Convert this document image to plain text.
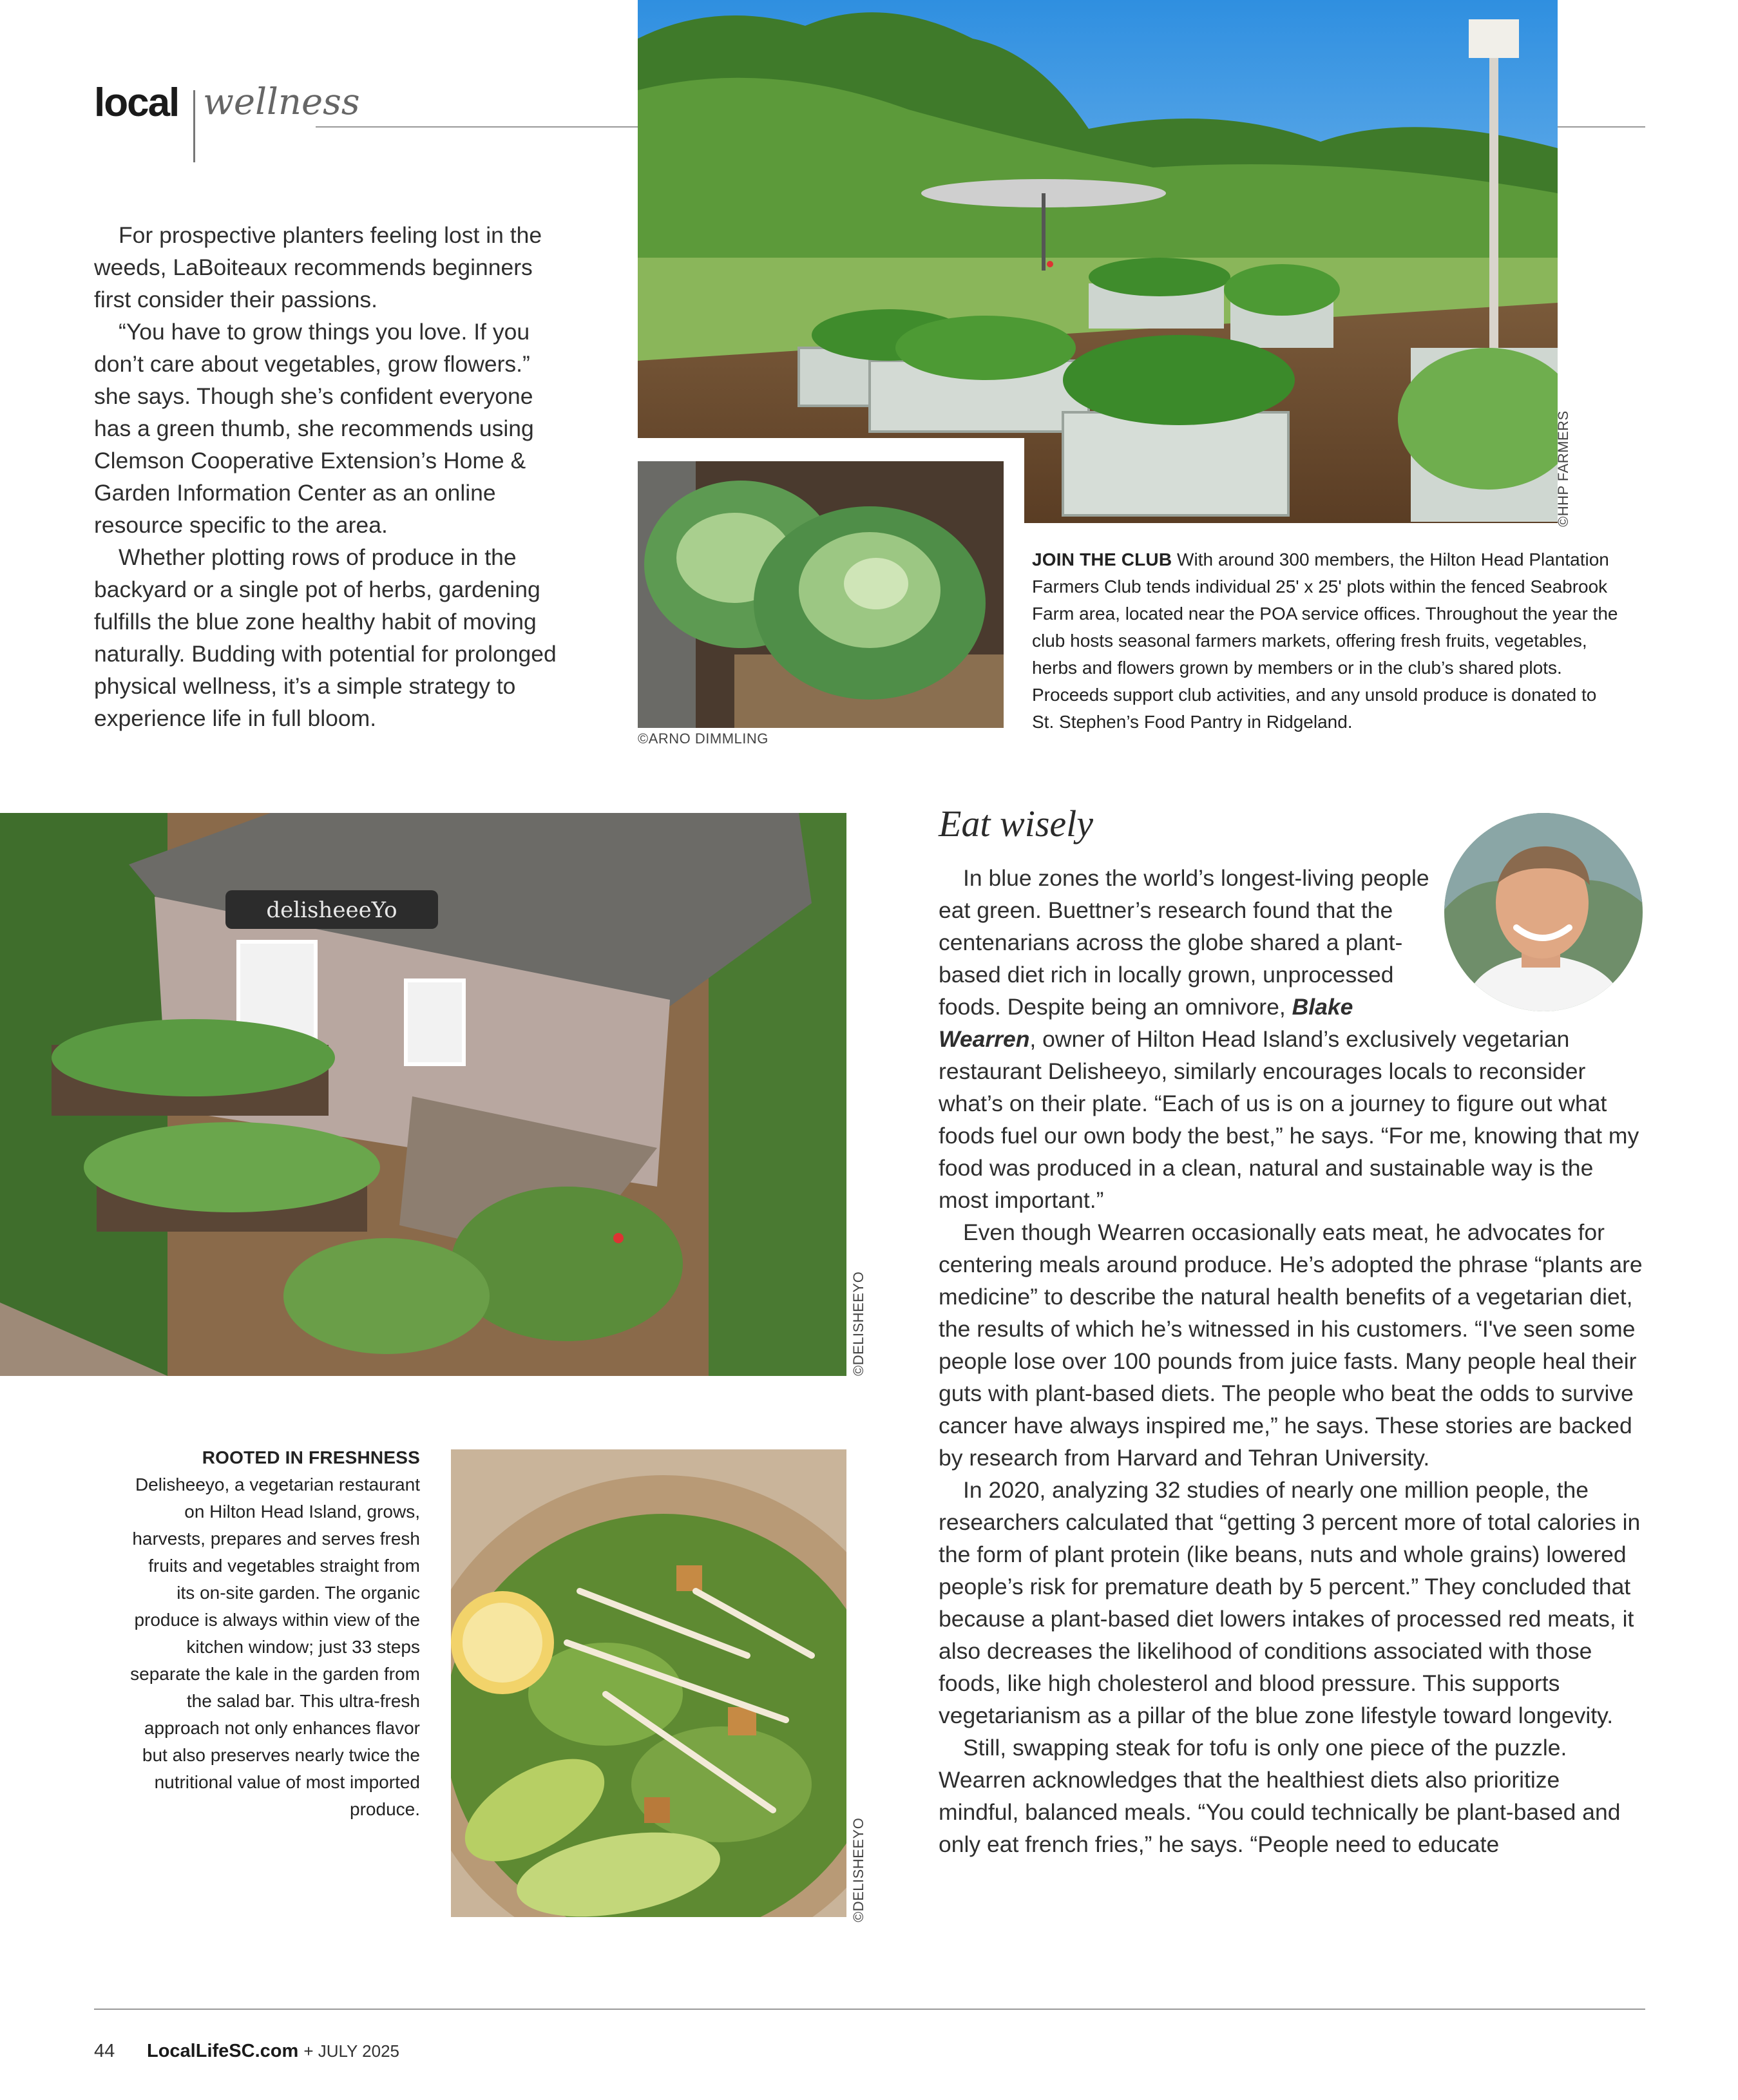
local wellness

For prospective planters feeling lost in the weeds, LaBoiteaux recommends beginners first consider their passions.

“You have to grow things you love. If you don’t care about vegetables, grow flowers.” she says. Though she’s confident everyone has a green thumb, she recommends using Clemson Cooperative Extension’s Home & Garden Information Center as an online resource specific to the area.

Whether plotting rows of produce in the backyard or a single pot of herbs, gardening fulfills the blue zone healthy habit of moving naturally. Budding with potential for prolonged physical wellness, it’s a simple strategy to experience life in full bloom.

©HHP FARMERS
©ARNO DIMMLING
JOIN THE CLUB With around 300 members, the Hilton Head Plantation Farmers Club tends individual 25' x 25' plots within the fenced Seabrook Farm area, located near the POA service offices. Throughout the year the club hosts seasonal farmers markets, offering fresh fruits, vegetables, herbs and flowers grown by members or in the club’s shared plots. Proceeds support club activities, and any unsold produce is donated to St. Stephen’s Food Pantry in Ridgeland.
delisheeeYo
©DELISHEEYO
ROOTED IN FRESHNESS
Delisheeyo, a vegetarian restaurant on Hilton Head Island, grows, harvests, prepares and serves fresh fruits and vegetables straight from its on-site garden. The organic produce is always within view of the kitchen window; just 33 steps separate the kale in the garden from the salad bar. This ultra-fresh approach not only enhances flavor but also preserves nearly twice the nutritional value of most imported produce.
©DELISHEEYO
Eat wisely

In blue zones the world’s longest-living people eat green. Buettner’s research found that the centenarians across the globe shared a plant-based diet rich in locally grown, unprocessed foods. Despite being an omnivore, Blake Wearren, owner of Hilton Head Island’s exclusively vegetarian restaurant Delisheeyo, similarly encourages locals to reconsider what’s on their plate. “Each of us is on a journey to figure out what foods fuel our own body the best,” he says. “For me, knowing that my food was produced in a clean, natural and sustainable way is the most important.”

Even though Wearren occasionally eats meat, he advocates for centering meals around produce. He’s adopted the phrase “plants are medicine” to describe the natural health benefits of a vegetarian diet, the results of which he’s witnessed in his customers. “I've seen some people lose over 100 pounds from juice fasts. Many people heal their guts with plant-based diets. The people who beat the odds to survive cancer have always inspired me,” he says. These stories are backed by research from Harvard and Tehran University.

In 2020, analyzing 32 studies of nearly one million people, the researchers calculated that “getting 3 percent more of total calories in the form of plant protein (like beans, nuts and whole grains) lowered people’s risk for premature death by 5 percent.” They concluded that because a plant-based diet lowers intakes of processed red meats, it also decreases the likelihood of conditions associated with those foods, like high cholesterol and blood pressure. This supports vegetarianism as a pillar of the blue zone lifestyle toward longevity.

Still, swapping steak for tofu is only one piece of the puzzle. Wearren acknowledges that the healthiest diets also prioritize mindful, balanced meals. “You could technically be plant-based and only eat french fries,” he says. “People need to educate

44 LocalLifeSC.com + JULY 2025
